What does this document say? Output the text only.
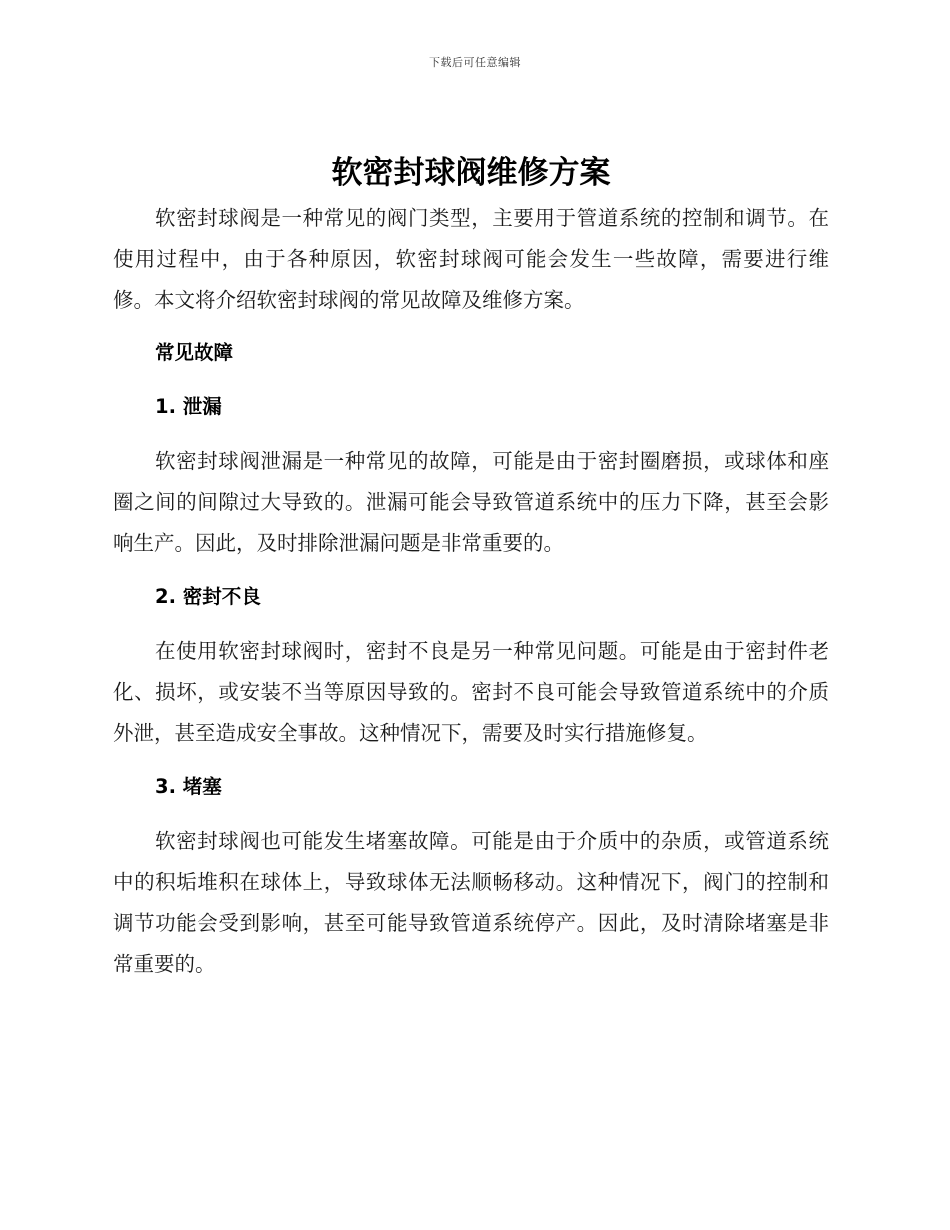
下载后可任意编辑
软密封球阀维修方案

软密封球阀是一种常见的阀门类型，主要用于管道系统的控制和调节。在使用过程中，由于各种原因，软密封球阀可能会发生一些故障，需要进行维修。本文将介绍软密封球阀的常见故障及维修方案。

常见故障
1. 泄漏

软密封球阀泄漏是一种常见的故障，可能是由于密封圈磨损，或球体和座圈之间的间隙过大导致的。泄漏可能会导致管道系统中的压力下降，甚至会影响生产。因此，及时排除泄漏问题是非常重要的。

2. 密封不良

在使用软密封球阀时，密封不良是另一种常见问题。可能是由于密封件老化、损坏，或安装不当等原因导致的。密封不良可能会导致管道系统中的介质外泄，甚至造成安全事故。这种情况下，需要及时实行措施修复。

3. 堵塞

软密封球阀也可能发生堵塞故障。可能是由于介质中的杂质，或管道系统中的积垢堆积在球体上，导致球体无法顺畅移动。这种情况下，阀门的控制和调节功能会受到影响，甚至可能导致管道系统停产。因此，及时清除堵塞是非常重要的。
